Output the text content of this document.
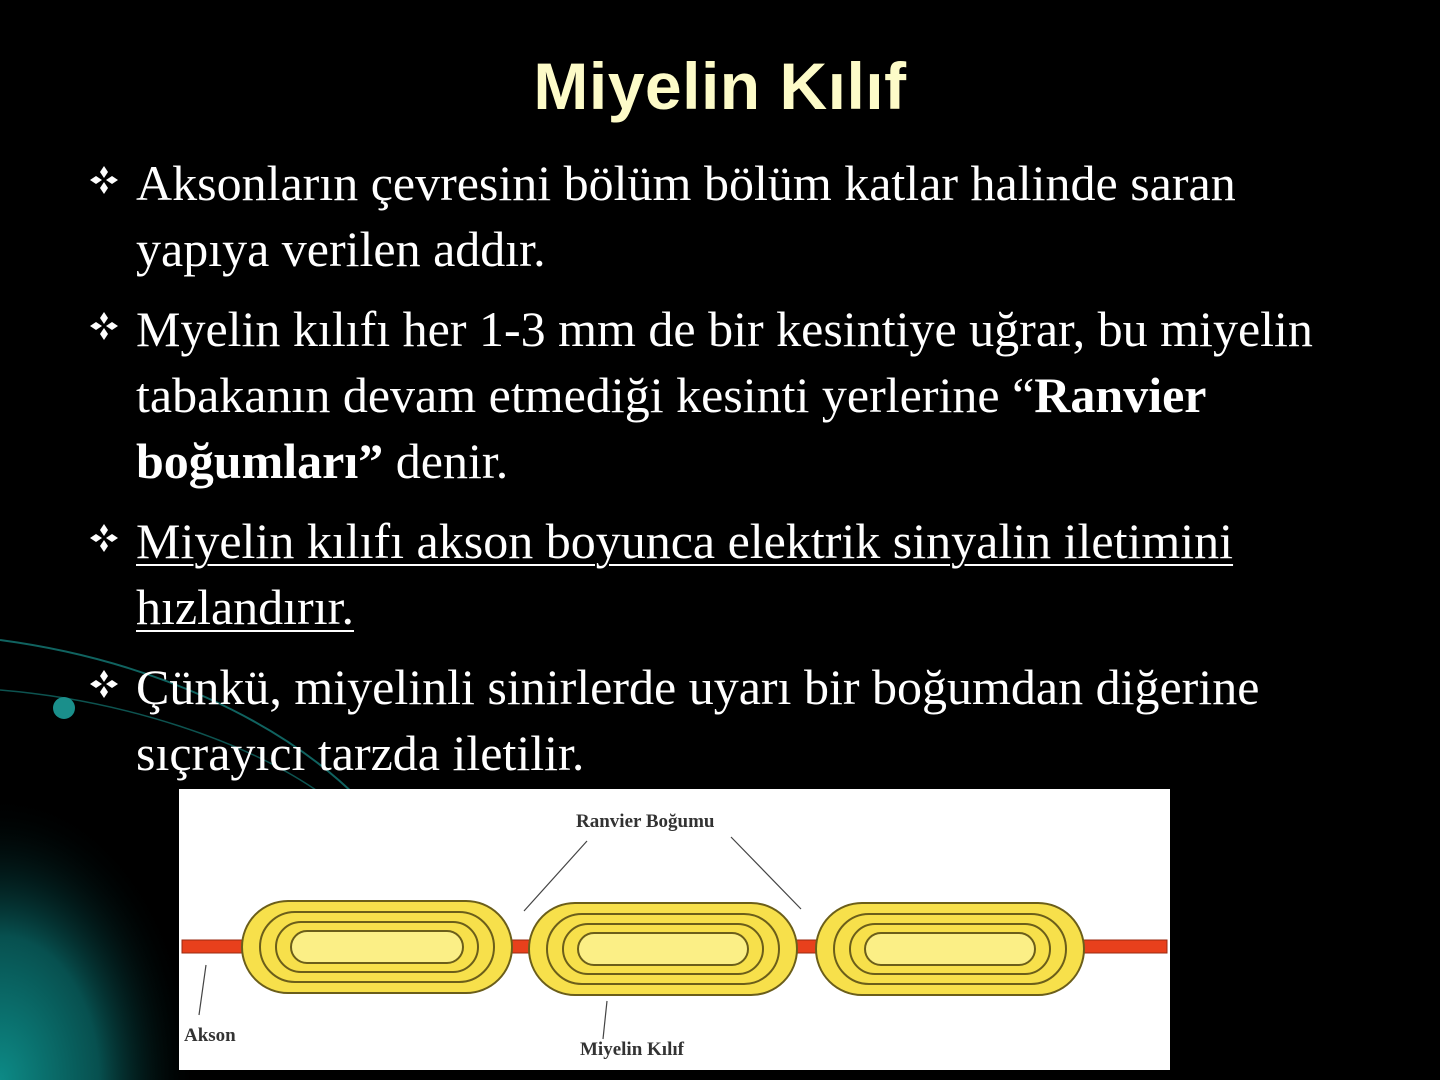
Miyelin Kılıf
Aksonların çevresini bölüm bölüm katlar halinde saran yapıya verilen addır.
Myelin kılıfı her 1-3 mm de bir kesintiye uğrar, bu miyelin tabakanın devam etmediği kesinti yerlerine “Ranvier boğumları” denir.
Miyelin kılıfı akson boyunca elektrik sinyalin iletimini hızlandırır.
Çünkü, miyelinli sinirlerde uyarı bir boğumdan diğerine sıçrayıcı tarzda iletilir.
Ranvier Boğumu
Akson
Miyelin Kılıf
